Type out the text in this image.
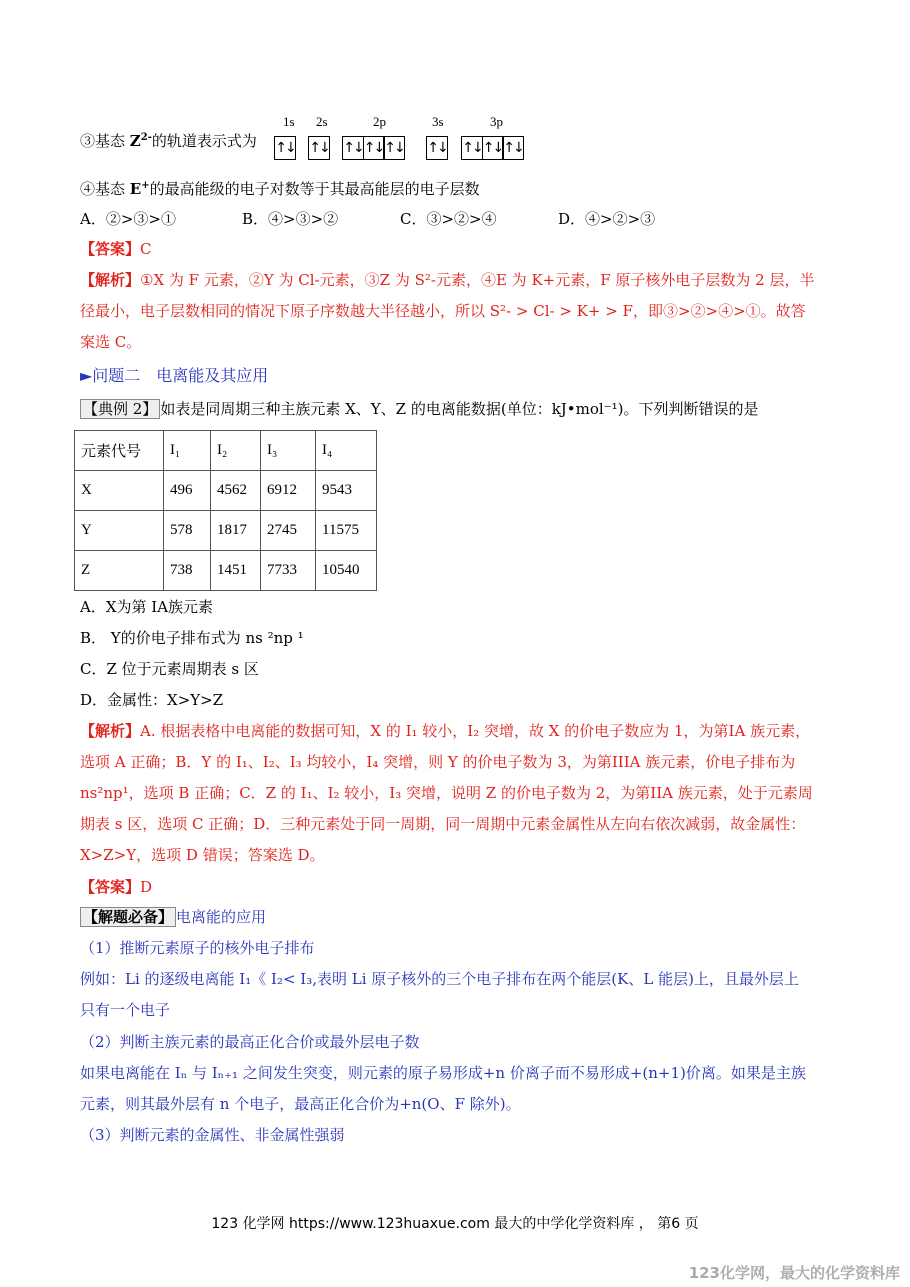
③基态 $Z^{2-}$的轨道表示式为
1s 2s	2p	3s	3p
↑↓ ↑↓ ↑↓ ↑↓ ↑↓ ↑↓ ↑↓ ↑↓ ↑↓
④基态 E+的最高能级的电子对数等于其最高能层的电子层数
A．②>③>①	B．④>③>②	C．③>②>④	D．④>②>③
【答案】C
【解析】①X 为 F 元素，②Y 为 Cl-元素，③Z 为 S²-元素，④E 为 K+元素，F 原子核外电子层数为 2 层，半
径最小，电子层数相同的情况下原子序数越大半径越小，所以 S²- > Cl- > K+ > F，即③>②>④>①。故答
案选 C。
►问题二　电离能及其应用
【典例 2】 如表是同周期三种主族元素 X、Y、Z 的电离能数据(单位：kJ•mol⁻¹)。下列判断错误的是
元素代号	I₁	I₂	I₃	I₄
X	496	4562	6912	9543
Y	578	1817	2745	11575
Z	738	1451	7733	10540
A．X为第 IA族元素
B． Y的价电子排布式为 ns ²np ¹
C．Z 位于元素周期表 s 区
D．金属性：X>Y>Z
【解析】A. 根据表格中电离能的数据可知，X 的 I₁ 较小，I₂ 突增，故 X 的价电子数应为 1，为第IA 族元素，
选项 A 正确；B．Y 的 I₁、I₂、I₃ 均较小，I₄ 突增，则 Y 的价电子数为 3，为第IIIA 族元素，价电子排布为
ns²np¹，选项 B 正确；C．Z 的 I₁、I₂ 较小，I₃ 突增，说明 Z 的价电子数为 2，为第IIA 族元素，处于元素周
期表 s 区，选项 C 正确；D．三种元素处于同一周期，同一周期中元素金属性从左向右依次减弱，故金属性：
X>Z>Y，选项 D 错误；答案选 D。
【答案】D
【解题必备】 电离能的应用
（1）推断元素原子的核外电子排布
例如：Li 的逐级电离能 I₁《 I₂< I₃,表明 Li 原子核外的三个电子排布在两个能层(K、L 能层)上，且最外层上
只有一个电子
（2）判断主族元素的最高正化合价或最外层电子数
如果电离能在 Iₙ 与 Iₙ₊₁ 之间发生突变，则元素的原子易形成+n 价离子而不易形成+(n+1)价离。如果是主族
元素，则其最外层有 n 个电子，最高正化合价为+n(O、F 除外)。
（3）判断元素的金属性、非金属性强弱
123 化学网 https://www.123huaxue.com 最大的中学化学资料库 ， 第6 页
123化学网，最大的化学资料库
